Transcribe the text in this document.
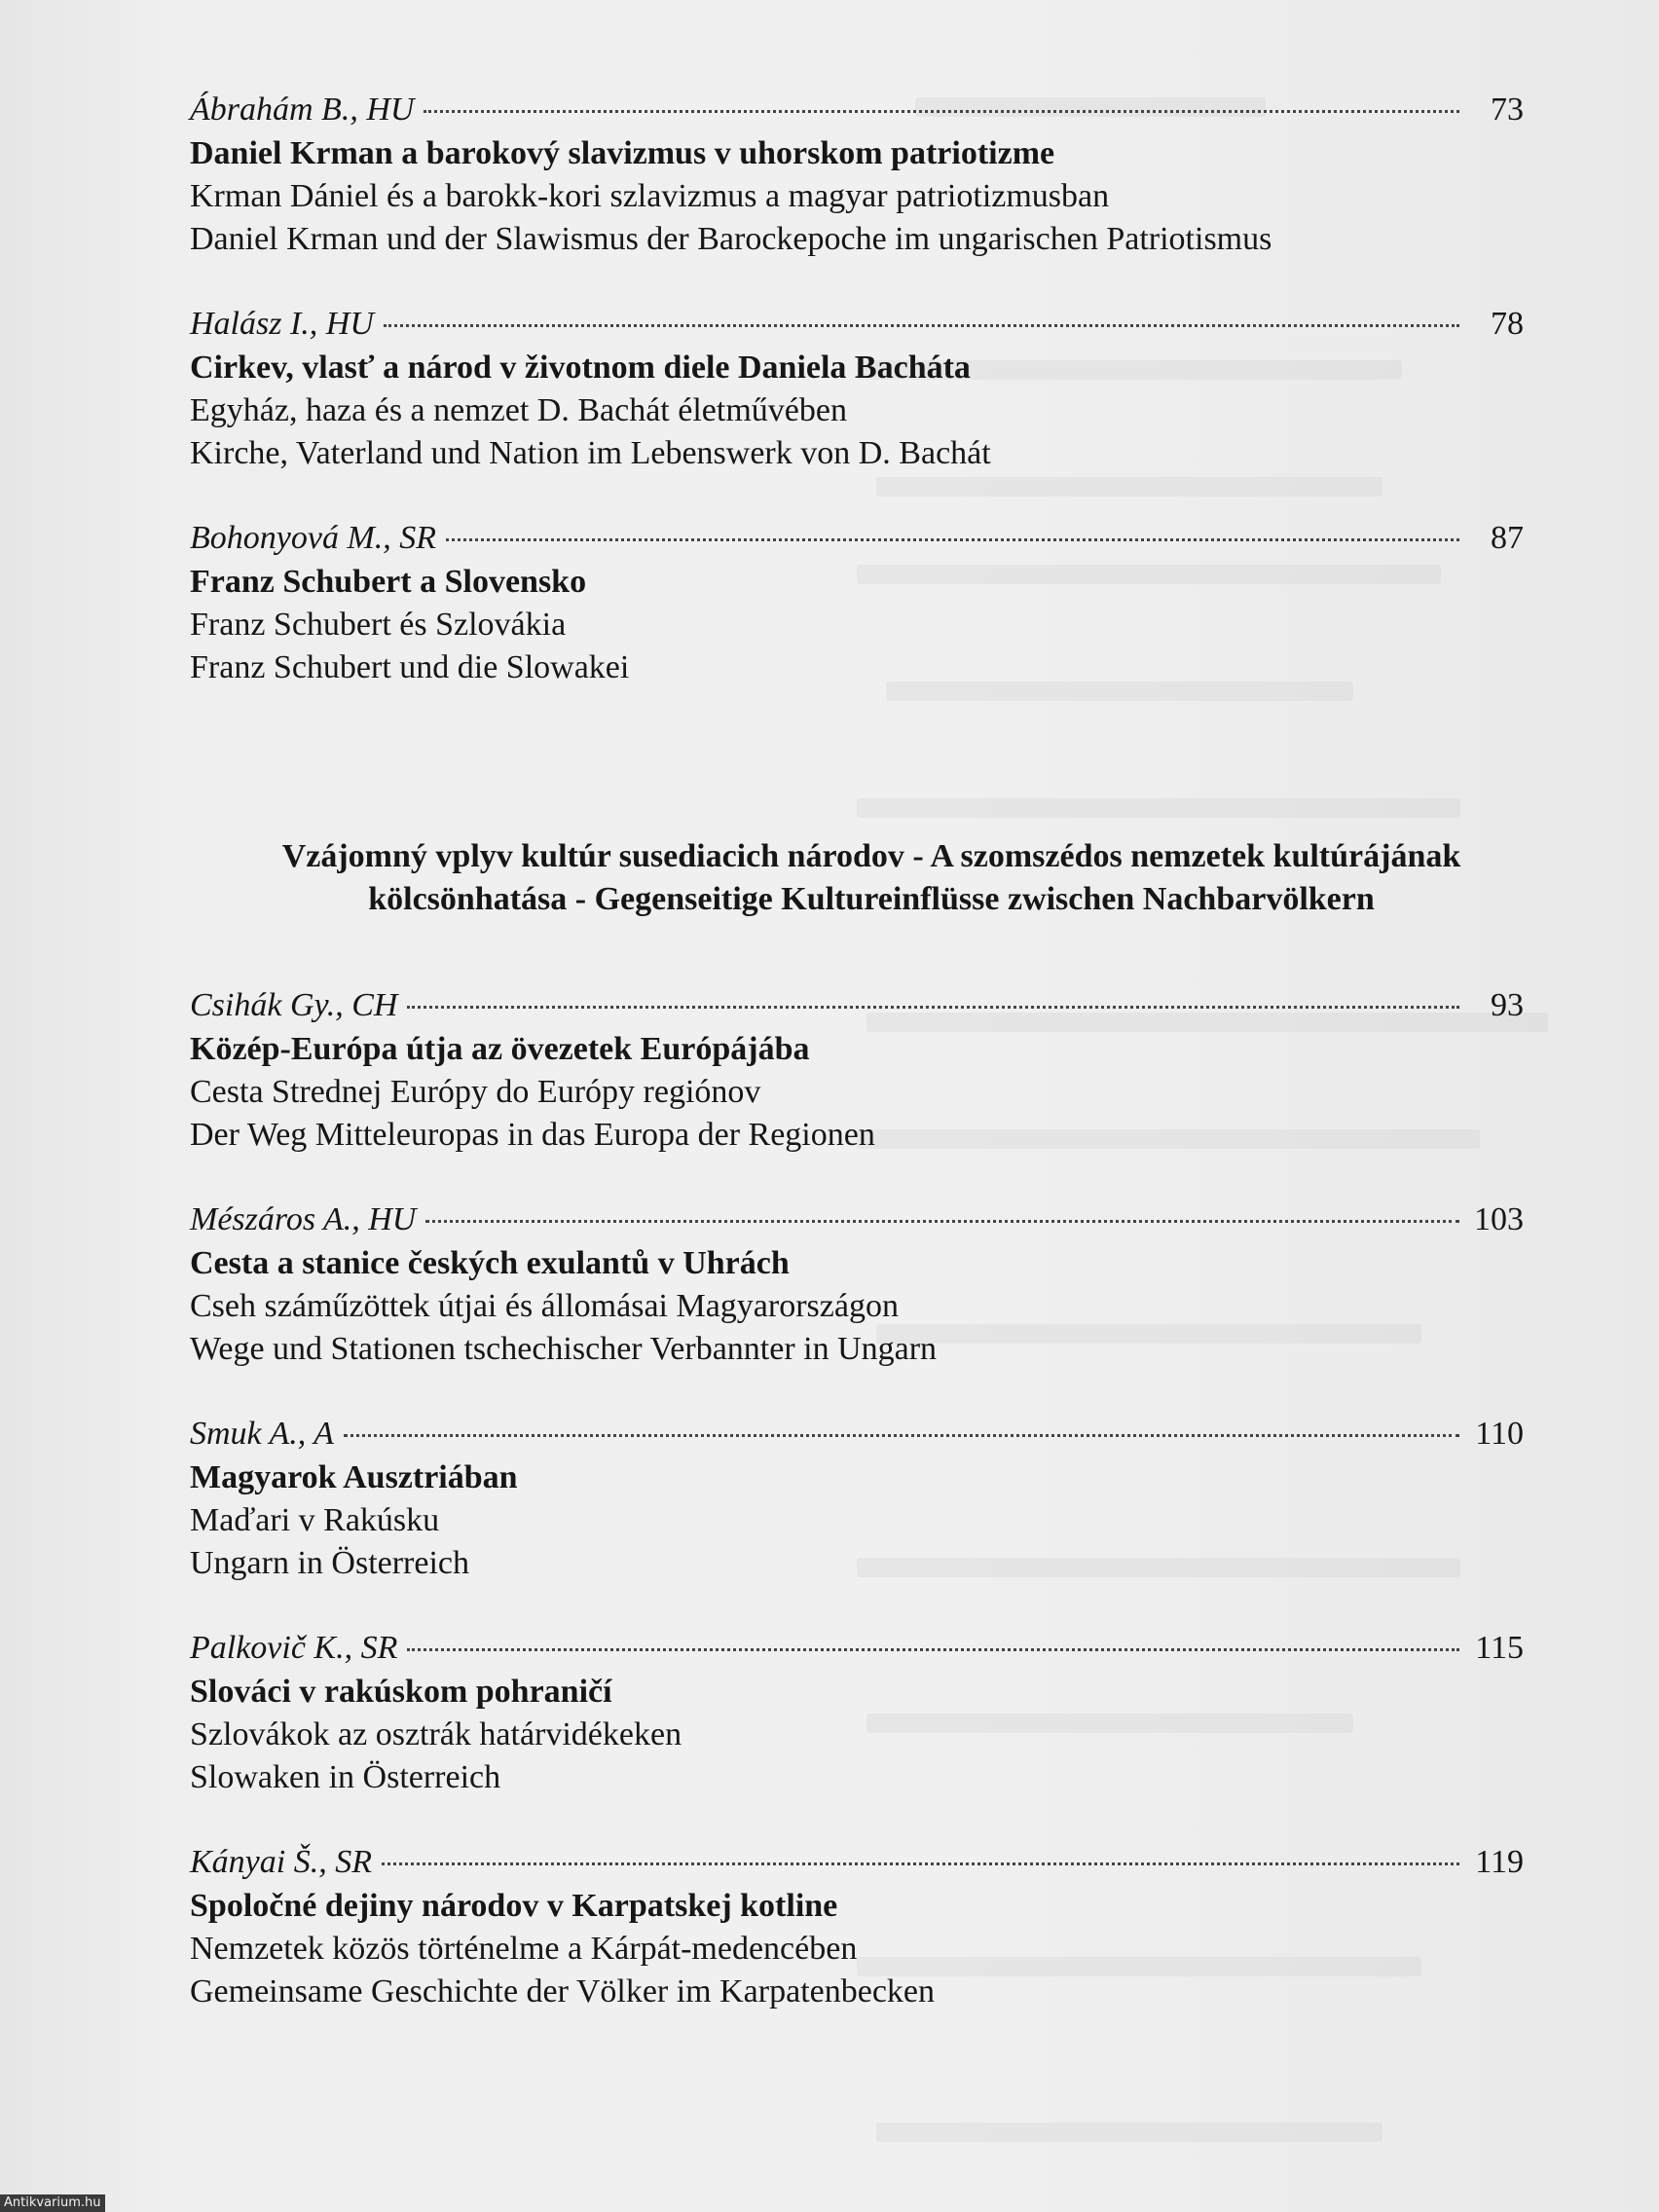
Ábrahám B., HU	73
Daniel Krman a barokový slavizmus v uhorskom patriotizme
Krman Dániel és a barokk-kori szlavizmus a magyar patriotizmusban
Daniel Krman und der Slawismus der Barockepoche im ungarischen Patriotismus
Halász I., HU	78
Cirkev, vlasť a národ v životnom diele Daniela Bacháta
Egyház, haza és a nemzet D. Bachát életművében
Kirche, Vaterland und Nation im Lebenswerk von D. Bachát
Bohonyová M., SR	87
Franz Schubert a Slovensko
Franz Schubert és Szlovákia
Franz Schubert und die Slowakei
Vzájomný vplyv kultúr susediacich národov - A szomszédos nemzetek kultúrájának
kölcsönhatása - Gegenseitige Kultureinflüsse zwischen Nachbarvölkern
Csihák Gy., CH	93
Közép-Európa útja az övezetek Európájába
Cesta Strednej Európy do Európy regiónov
Der Weg Mitteleuropas in das Europa der Regionen
Mészáros A., HU	103
Cesta a stanice českých exulantů v Uhrách
Cseh száműzöttek útjai és állomásai Magyarországon
Wege und Stationen tschechischer Verbannter in Ungarn
Smuk A., A	110
Magyarok Ausztriában
Maďari v Rakúsku
Ungarn in Österreich
Palkovič K., SR	115
Slováci v rakúskom pohraničí
Szlovákok az osztrák határvidékeken
Slowaken in Österreich
Kányai Š., SR	119
Spoločné dejiny národov v Karpatskej kotline
Nemzetek közös történelme a Kárpát-medencében
Gemeinsame Geschichte der Völker im Karpatenbecken
Antikvarium.hu
